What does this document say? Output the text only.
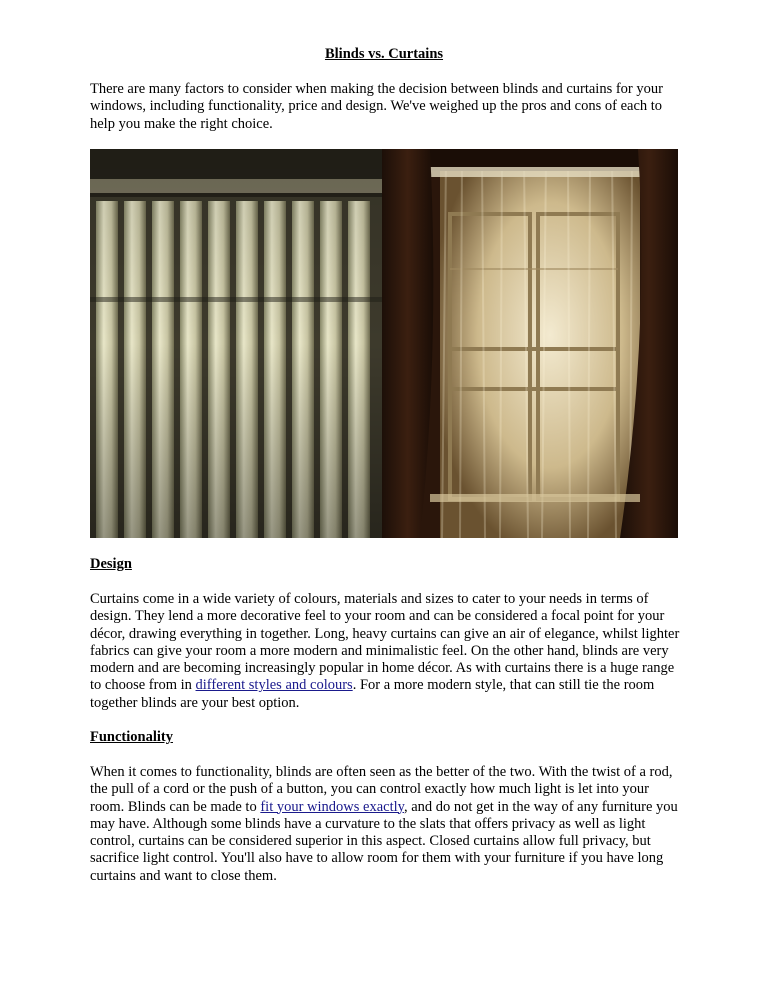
Blinds vs. Curtains
There are many factors to consider when making the decision between blinds and curtains for your windows, including functionality, price and design. We've weighed up the pros and cons of each to help you make the right choice.
Design
Curtains come in a wide variety of colours, materials and sizes to cater to your needs in terms of design. They lend a more decorative feel to your room and can be considered a focal point for your décor, drawing everything in together. Long, heavy curtains can give an air of elegance, whilst lighter fabrics can give your room a more modern and minimalistic feel. On the other hand, blinds are very modern and are becoming increasingly popular in home décor. As with curtains there is a huge range to choose from in different styles and colours. For a more modern style, that can still tie the room together blinds are your best option.
Functionality
When it comes to functionality, blinds are often seen as the better of the two. With the twist of a rod, the pull of a cord or the push of a button, you can control exactly how much light is let into your room. Blinds can be made to fit your windows exactly, and do not get in the way of any furniture you may have. Although some blinds have a curvature to the slats that offers privacy as well as light control, curtains can be considered superior in this aspect. Closed curtains allow full privacy, but sacrifice light control. You'll also have to allow room for them with your furniture if you have long curtains and want to close them.
